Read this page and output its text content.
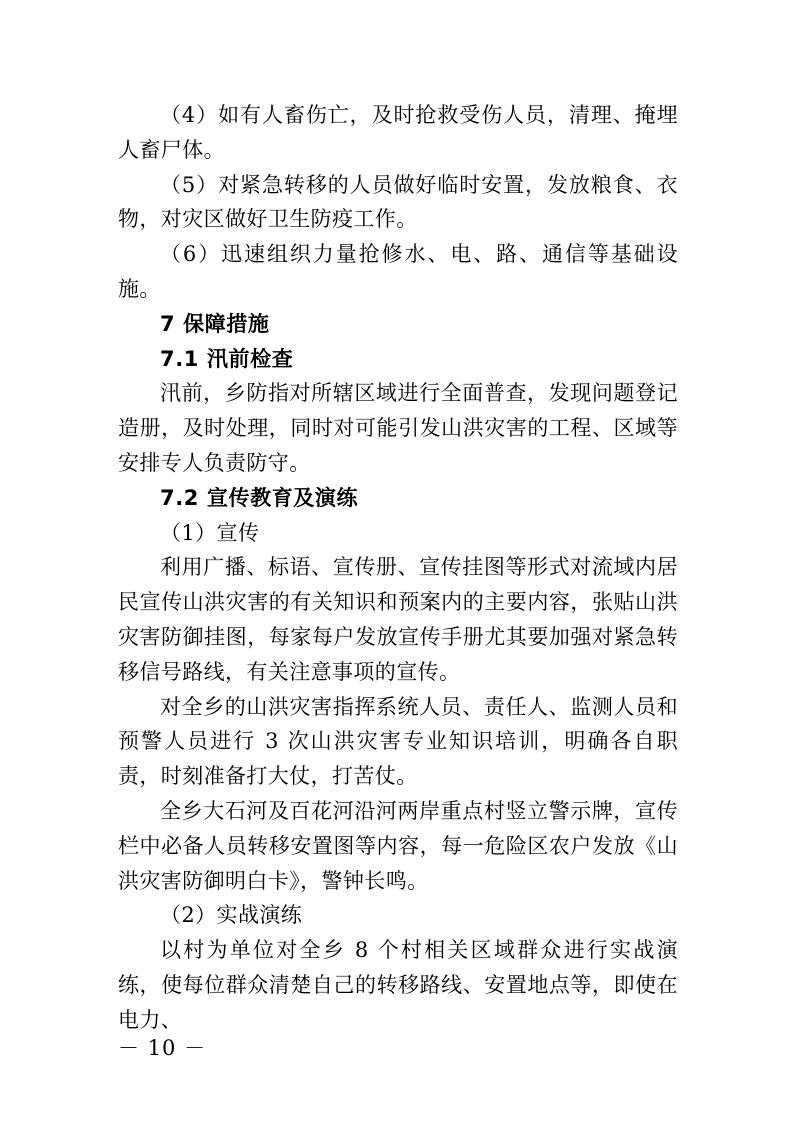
（4）如有人畜伤亡，及时抢救受伤人员，清理、掩埋人畜尸体。

（5）对紧急转移的人员做好临时安置，发放粮食、衣物，对灾区做好卫生防疫工作。

（6）迅速组织力量抢修水、电、路、通信等基础设施。

7 保障措施

7.1 汛前检查

汛前，乡防指对所辖区域进行全面普查，发现问题登记造册，及时处理，同时对可能引发山洪灾害的工程、区域等安排专人负责防守。

7.2 宣传教育及演练

（1）宣传

利用广播、标语、宣传册、宣传挂图等形式对流域内居民宣传山洪灾害的有关知识和预案内的主要内容，张贴山洪灾害防御挂图，每家每户发放宣传手册尤其要加强对紧急转移信号路线，有关注意事项的宣传。

对全乡的山洪灾害指挥系统人员、责任人、监测人员和预警人员进行 3 次山洪灾害专业知识培训，明确各自职责，时刻准备打大仗，打苦仗。

全乡大石河及百花河沿河两岸重点村竖立警示牌，宣传栏中必备人员转移安置图等内容，每一危险区农户发放《山洪灾害防御明白卡》，警钟长鸣。

（2）实战演练

以村为单位对全乡 8 个村相关区域群众进行实战演练，使每位群众清楚自己的转移路线、安置地点等，即使在电力、

－ 10 －
